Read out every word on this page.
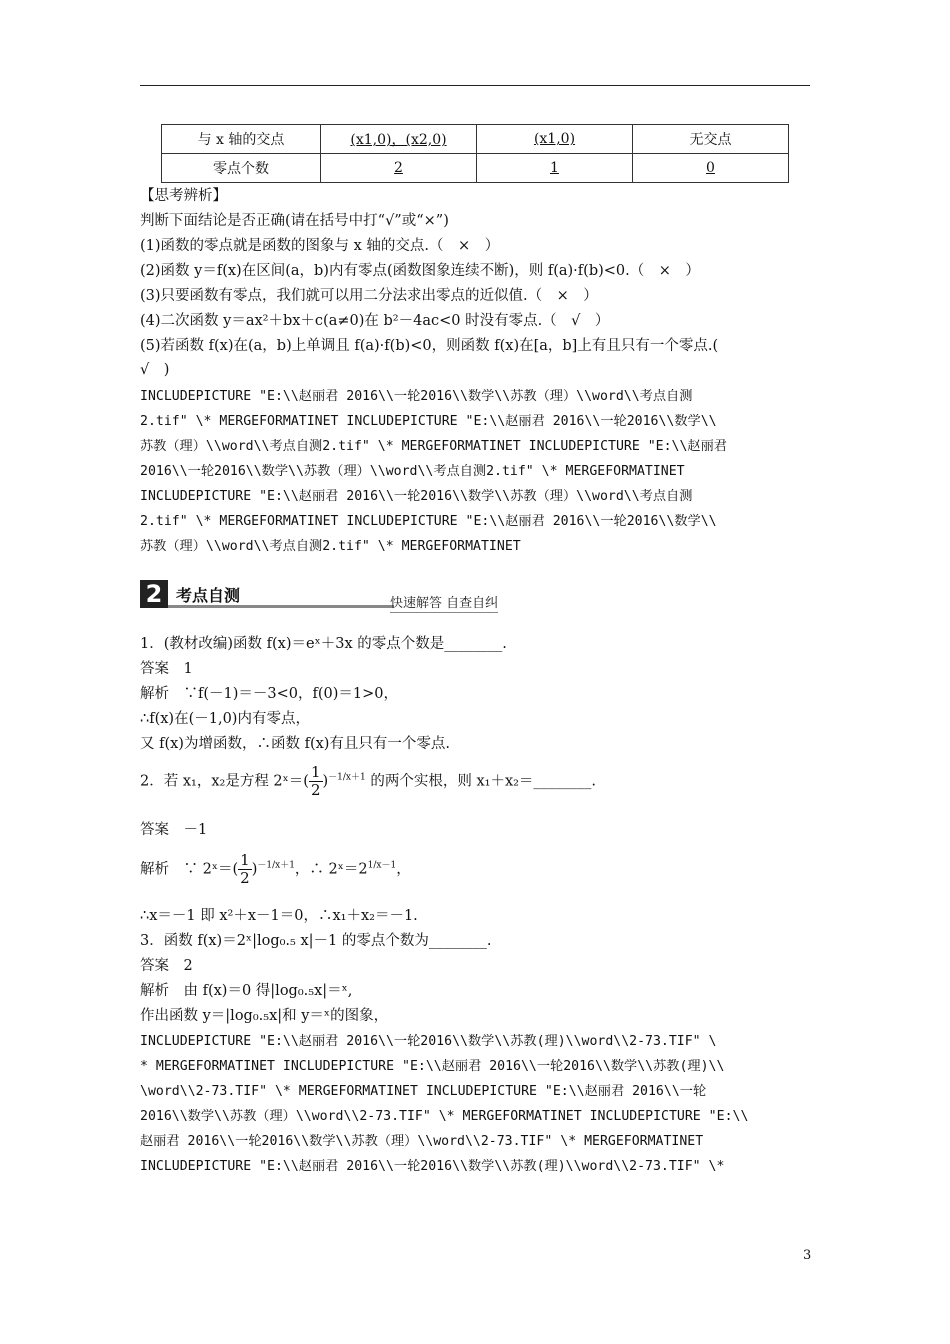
与 x 轴的交点	(x1,0)，(x2,0)	(x1,0)	无交点
零点个数	2	1	0
【思考辨析】
判断下面结论是否正确(请在括号中打“√”或“×”)
(1)函数的零点就是函数的图象与 x 轴的交点.（　×　）
(2)函数 y＝f(x)在区间(a，b)内有零点(函数图象连续不断)，则 f(a)·f(b)<0.（　×　）
(3)只要函数有零点，我们就可以用二分法求出零点的近似值.（　×　）
(4)二次函数 y＝ax²＋bx＋c(a≠0)在 b²－4ac<0 时没有零点.（　√　）
(5)若函数 f(x)在(a，b)上单调且 f(a)·f(b)<0，则函数 f(x)在[a，b]上有且只有一个零点.(
√　)
INCLUDEPICTURE "E:\\赵丽君 2016\\一轮2016\\数学\\苏教（理）\\word\\考点自测
2.tif" \* MERGEFORMATINET INCLUDEPICTURE "E:\\赵丽君 2016\\一轮2016\\数学\\
苏教（理）\\word\\考点自测2.tif" \* MERGEFORMATINET INCLUDEPICTURE "E:\\赵丽君
2016\\一轮2016\\数学\\苏教（理）\\word\\考点自测2.tif" \* MERGEFORMATINET
INCLUDEPICTURE "E:\\赵丽君 2016\\一轮2016\\数学\\苏教（理）\\word\\考点自测
2.tif" \* MERGEFORMATINET INCLUDEPICTURE "E:\\赵丽君 2016\\一轮2016\\数学\\
苏教（理）\\word\\考点自测2.tif" \* MERGEFORMATINET
2 考点自测	快速解答 自查自纠
1．(教材改编)函数 f(x)＝eˣ＋3x 的零点个数是________.
答案　1
解析　∵f(－1)＝－3<0，f(0)＝1>0，
∴f(x)在(－1,0)内有零点，
又 f(x)为增函数，∴函数 f(x)有且只有一个零点.
2．若 x₁，x₂是方程 2ˣ＝( $\frac{1}{2} )^{-1/x+1}$ 的两个实根，则 x₁＋x₂＝________.
答案　－1
解析　∵ 2ˣ＝( $\frac{1}{2} )^{-1/x+1}$，∴ $2ˣ=2^{1/x-1}$，
∴x＝－1 即 x²＋x－1＝0，∴x₁＋x₂＝－1.
3．函数 f(x)＝2ˣ|log₀.₅ x|－1 的零点个数为________.
答案　2
解析　由 f(x)＝0 得|log₀.₅x|＝ˣ,
作出函数 y＝|log₀.₅x|和 y＝ˣ的图象，
INCLUDEPICTURE "E:\\赵丽君 2016\\一轮2016\\数学\\苏教(理)\\word\\2-73.TIF" \
* MERGEFORMATINET INCLUDEPICTURE "E:\\赵丽君 2016\\一轮2016\\数学\\苏教(理)\\
\word\\2-73.TIF" \* MERGEFORMATINET INCLUDEPICTURE "E:\\赵丽君 2016\\一轮
2016\\数学\\苏教（理）\\word\\2-73.TIF" \* MERGEFORMATINET INCLUDEPICTURE "E:\\
赵丽君 2016\\一轮2016\\数学\\苏教（理）\\word\\2-73.TIF" \* MERGEFORMATINET
INCLUDEPICTURE "E:\\赵丽君 2016\\一轮2016\\数学\\苏教(理)\\word\\2-73.TIF" \*
3
